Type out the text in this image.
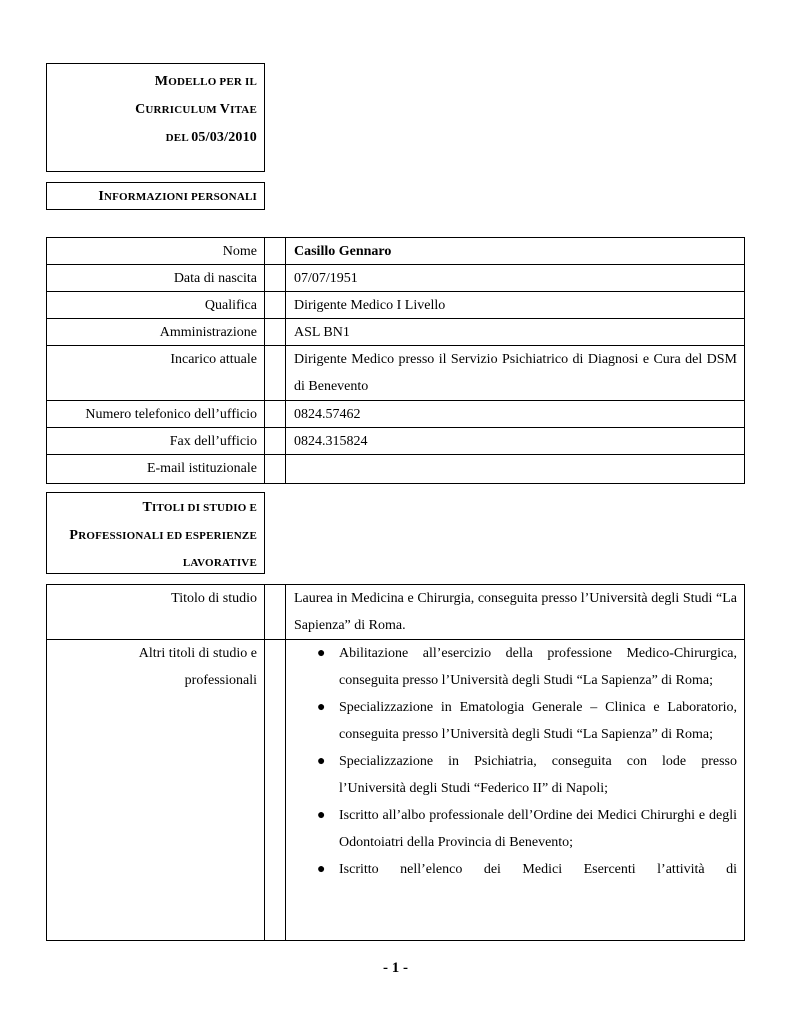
MODELLO PER IL
CURRICULUM VITAE
DEL 05/03/2010
INFORMAZIONI PERSONALI
Nome	Casillo Gennaro
Data di nascita	07/07/1951
Qualifica	Dirigente Medico I Livello
Amministrazione	ASL BN1
Incarico attuale	Dirigente Medico presso il Servizio Psichiatrico di Diagnosi e Cura del DSM di Benevento
Numero telefonico dell’ufficio	0824.57462
Fax dell’ufficio	0824.315824
E-mail istituzionale
TITOLI DI STUDIO E
PROFESSIONALI ED ESPERIENZE
LAVORATIVE
Titolo di studio	Laurea in Medicina e Chirurgia, conseguita presso l’Università degli Studi “La Sapienza” di Roma.
Altri titoli di studio e professionali
● Abilitazione all’esercizio della professione Medico-Chirurgica, conseguita presso l’Università degli Studi “La Sapienza” di Roma;
● Specializzazione in Ematologia Generale – Clinica e Laboratorio, conseguita presso l’Università degli Studi “La Sapienza” di Roma;
● Specializzazione in Psichiatria, conseguita con lode presso l’Università degli Studi “Federico II” di Napoli;
● Iscritto all’albo professionale dell’Ordine dei Medici Chirurghi e degli Odontoiatri della Provincia di Benevento;
● Iscritto nell’elenco dei Medici Esercenti l’attività di
- 1 -
